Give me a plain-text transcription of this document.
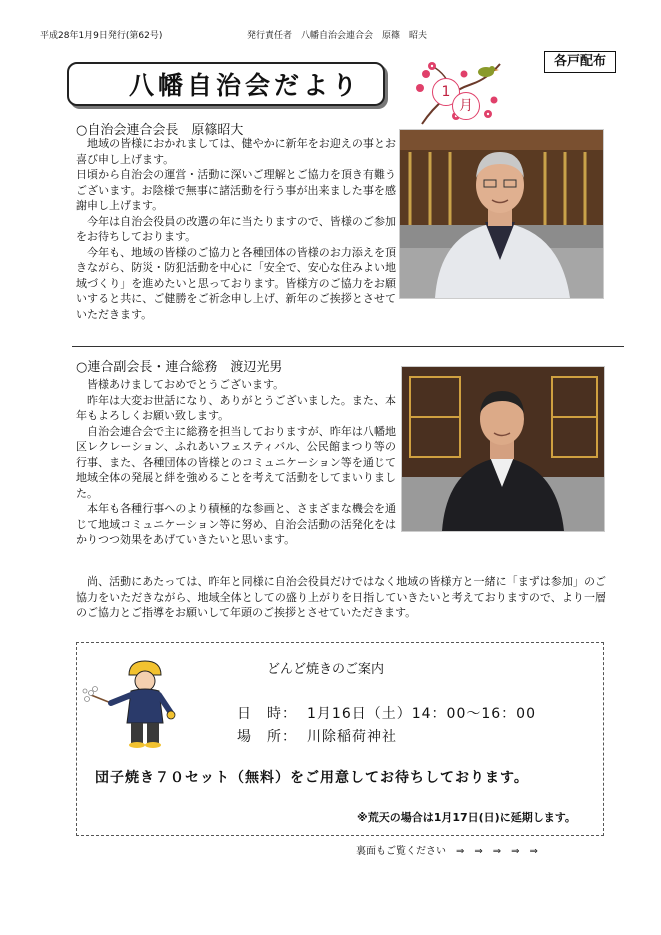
平成28年1月9日発行(第62号)	発行責任者　八幡自治会連合会　原篠　昭夫
各戸配布
八幡自治会だより	1
月
○自治会連合会長　原篠昭大

　地域の皆様におかれましては、健やかに新年をお迎えの事とお喜び申し上げます。

日頃から自治会の運営・活動に深いご理解とご協力を頂き有難うございます。お陰様で無事に諸活動を行う事が出来ました事を感謝申し上げます。

　今年は自治会役員の改選の年に当たりますので、皆様のご参加をお待ちしております。

　今年も、地域の皆様のご協力と各種団体の皆様のお力添えを頂きながら、防災・防犯活動を中心に「安全で、安心な住みよい地域づくり」を進めたいと思っております。皆様方のご協力をお願いすると共に、ご健勝をご祈念申し上げ、新年のご挨拶とさせていただきます。

○連合副会長・連合総務　渡辺光男

　皆様あけましておめでとうございます。

　昨年は大変お世話になり、ありがとうございました。また、本年もよろしくお願い致します。

　自治会連合会で主に総務を担当しておりますが、昨年は八幡地区レクレーション、ふれあいフェスティバル、公民館まつり等の行事、また、各種団体の皆様とのコミュニケーション等を通じて地域全体の発展と絆を強めることを考えて活動をしてまいりました。

　本年も各種行事へのより積極的な参画と、さまざまな機会を通じて地域コミュニケーション等に努め、自治会活動の活発化をはかりつつ効果をあげていきたいと思います。

　尚、活動にあたっては、昨年と同様に自治会役員だけではなく地域の皆様方と一緒に「まずは参加」のご協力をいただきながら、地域全体としての盛り上がりを日指していきたいと考えておりますので、より一層のご協力とご指導をお願いして年頭のご挨拶とさせていただきます。

どんど焼きのご案内
日　時： 1月16日（土）14：00〜16：00
場　所： 川除稲荷神社
団子焼き７０セット（無料）をご用意してお待ちしております。
※荒天の場合は1月17日(日)に延期します。
裏面もご覧ください　⇒　⇒　⇒　⇒　⇒
